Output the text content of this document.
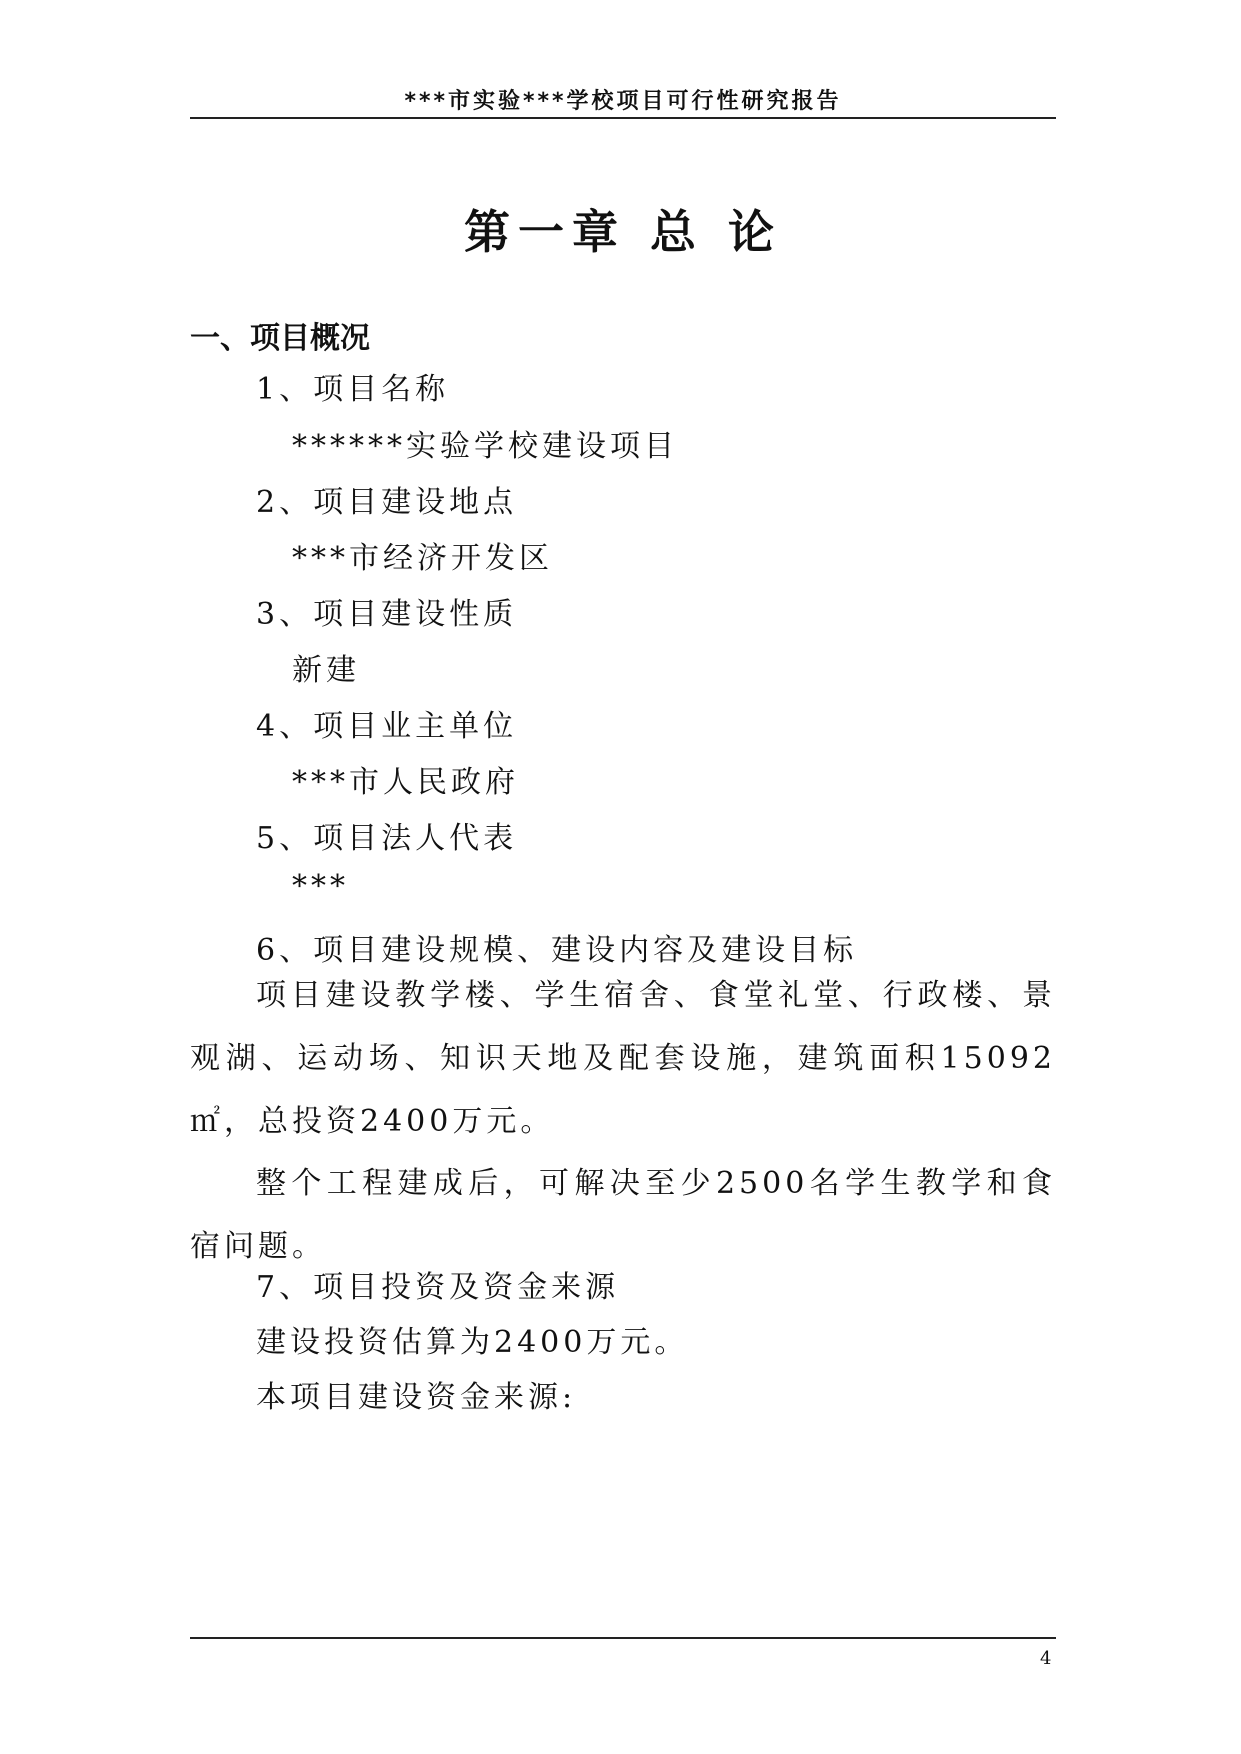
***市实验***学校项目可行性研究报告
第一章 总 论
一、项目概况
1、项目名称
******实验学校建设项目
2、项目建设地点
***市经济开发区
3、项目建设性质
新建
4、项目业主单位
***市人民政府
5、项目法人代表
***
6、项目建设规模、建设内容及建设目标

项目建设教学楼、学生宿舍、食堂礼堂、行政楼、景观湖、运动场、知识天地及配套设施，建筑面积15092㎡，总投资2400万元。

整个工程建成后，可解决至少2500名学生教学和食宿问题。

7、项目投资及资金来源
建设投资估算为2400万元。
本项目建设资金来源:
4
